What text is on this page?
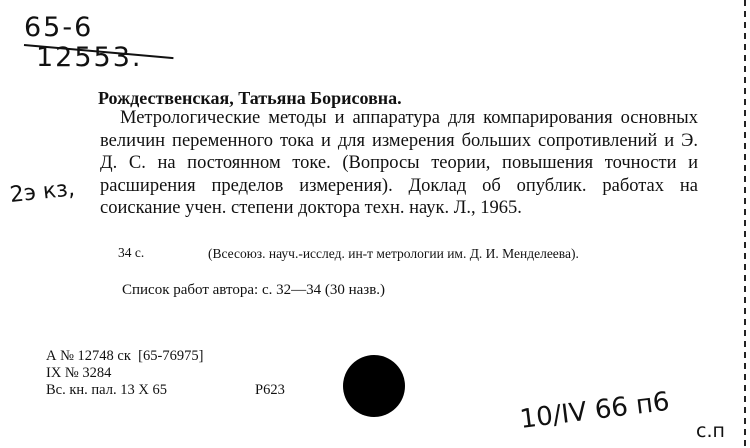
65-6
12553.
Рождественская, Татьяна Борисовна.
Метрологические методы и аппаратура для компарирования основных величин переменного тока и для измерения больших сопротивлений и Э. Д. С. на постоянном токе. (Вопросы теории, повышения точности и расширения пределов измерения). Доклад об опублик. работах на соискание учен. степени доктора техн. наук. Л., 1965.
2э кз,
(Всесоюз. науч.-исслед. ин-т метрологии им. Д. И. Менделеева).
34 с.
Список работ автора: с. 32—34 (30 назв.)
А № 12748 ск  [65-76975]
IX № 3284
Вс. кн. пал. 13 X 65	Р623	10/IV 66 п6 с.п
